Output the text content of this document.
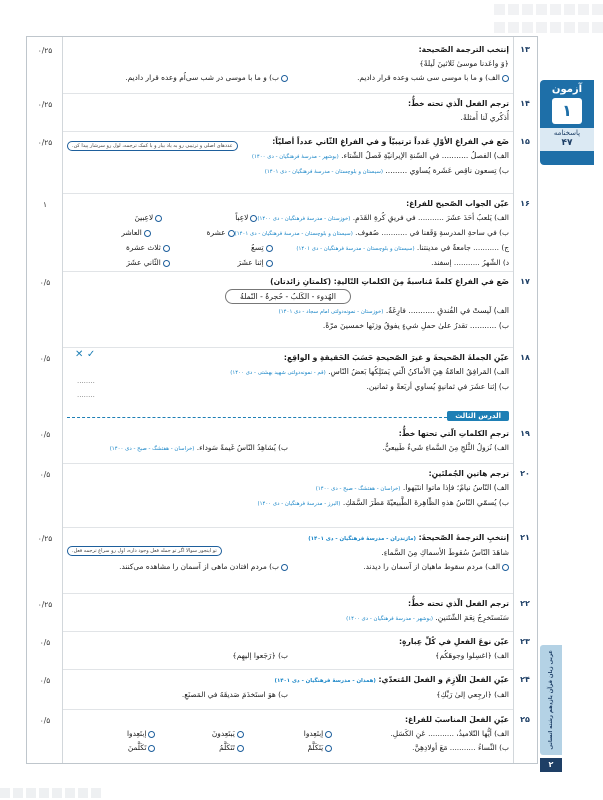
۱۳
۰/۲۵	إنتخب الترجمة الصّحيحة:
﴿وَ واعَدنا موسىٰ ثَلاثينَ لَيلةً﴾
الف) و ما با موسی سی شب وعده قرار دادیم.
ب) و ما با موسی در شب سی‌اُم وعده قرار دادیم.
۱۴
۰/۲۵	ترجم الفعل الّذي تحته خطٌّ:
أُذكُري لَنا أَمثلةً.
۱۵
۰/۲۵	ضَع في الفراغِ الأوّلِ عَدداً ترتيبيّاً و في الفراغِ الثّاني عدداً أصليّاً:
الف) الفصلُ ........... في السّنةِ الإيرانيّةِ فَصلُ الشّتاء. (بوشهر - مدرسهٔ فرهنگیان - دی ۱۴۰۰)
ب) تِسعون ناقِص عَشَرة يُساوي ......... (سیستان و بلوچستان - مدرسهٔ فرهنگیان - دی ۱۴۰۱)
عددهای اصلی و ترتیبی رو به یاد بیار و با کمک ترجمه، لول رو سرشار پیدا کن.
۱۶
۱	عيّن الجواب الصّحيح للفراغ:
الف) يَلعبُ أحَدَ عشَرَ ........... في فريقِ كُرةِ القَدَمِ. (خوزستان - مدرسهٔ فرهنگیان - دی ۱۴۰۰)
لاعِباً
لاعِبينَ
ب) في ساحةِ المدرسةِ وَقَفنا في ........... صُفوف. (سیستان و بلوچستان - مدرسهٔ فرهنگیان - دی ۱۴۰۱)
عشرة
العاشر
ج) ........... جامعةٌ في مدينتنا. (سیستان و بلوچستان - مدرسهٔ فرهنگیان - دی ۱۴۰۱)
تِسعُ
ثلاث عشرة
د) الشّهرُ ........... إسفند.
إثنا عشَرَ
الثّاني عشَرَ
۱۷
۰/۵	ضَع في الفراغِ كلمةً مُناسبةً مِنَ الكلماتِ التّاليةِ: (كلمتانِ زائدتان)
الهُدوء - الكَلبُ - حُجرةٌ - النّملةُ
الف) لَيستْ في الفُندقِ ........... فارِغَةٌ. (خوزستان - نمونه‌دولتی امام سجاد - دی ۱۴۰۱)
ب) ........... تقدرُ علىٰ حملِ شيءٍ يفوقُ وزنَها خمسينَ مرّةً.
۱۸
۰/۵	عيّنِ الجملةَ الصّحيحةَ و غيرَ الصّحيحةِ حَسَبَ الحَقيقةِ و الواقِعِ:
الف) المَرافِقُ العامّةُ هِيَ الأماكنُ الّتي يَمتَلِكُها بَعضُ النّاسِ. (قم - نمونه‌دولتی شهید بهشتی - دی ۱۴۰۰)
ب) إثنا عشَرَ في ثمانيةٍ يُساوي أربَعةً و ثمانين.
✕ ✓
........
........
الدرس الثالث
۱۹
۰/۵	ترجمِ الكلماتِ الّتي تحتها خطٌّ:
الف) نُزولُ الثَّلجِ مِنَ السَّماءِ شَيءٌ طَبيعيٌّ.
ب) يُشاهِدُ النّاسُ غَيمةً سَوداء. (خراسان - هفتشگ - صبح - دی ۱۴۰۰)
۲۰
۰/۵	ترجم هاتينِ الجُملتَينِ:
الف) النّاسُ نيامٌ؛ فإذا ماتوا انتَبَهوا. (خراسان - هفتشگ - صبح - دی ۱۴۰۰)
ب) يُسمّي النّاسُ هذهِ الظّاهِرةَ الطَّبيعيّةَ مَطَرَ السَّمَكِ. (البرز - مدرسهٔ فرهنگیان - دی ۱۴۰۰)
۲۱
۰/۲۵	إنتخبِ الترجمةَ الصّحيحةَ: (مازندران - مدرسهٔ فرهنگیان - دی ۱۴۰۱)
شاهَدَ النّاسُ سُقوطَ الأسماكِ مِنَ السَّماءِ.
الف) مردم سقوط ماهیان از آسمان را دیدند.
ب) مردم افتادن ماهی از آسمان را مشاهده می‌کنند.
تو اینجور سوالا اگر تو جمله فعل وجود داره، اول رو سراغ ترجمه فعل.
۲۲
۰/۲۵	ترجم الفعل الّذي تحته خطٌّ:
سَنَستَخرِجُ نِعَمَ الشّتَنينِ. (بوشهر - مدرسهٔ فرهنگیان - دی ۱۴۰۰)
۲۳
۰/۵	عيّن نوعَ الفعلِ في كُلِّ عِبارةٍ:
الف) ﴿اغسِلوا وجوهَكُم﴾
ب) ﴿رَجَعوا إليهِم﴾
۲۴
۰/۵	عيّنِ الفعلَ اللّازِمَ و الفعلَ المُتعدّي: (همدان - مدرسهٔ فرهنگیان - دی ۱۴۰۱)
الف) ﴿ارجِعي إلىٰ رَبِّكِ﴾
ب) هوَ استَخدَمَ صَديقَهُ في المَصنَعِ.
۲۵
۰/۵	عيّنِ الفعلَ المناسبَ للفراغ:
الف) أيُّها التّلاميذُ، ........... عَنِ الكَسَلِ.
إبتَعِدوا
يَبتَعِدونَ
إبتَعِدوا
ب) النِّساءُ ........... مَعَ أولادِهِنَّ.
يَتَكَلَّمْ
تَتَكَلَّمُ
تَكَلَّمنَ
آزمون
۱
پاسخنامه
۴۷
عربی زبان قرآن یازدهم رشته انسانی
۲
